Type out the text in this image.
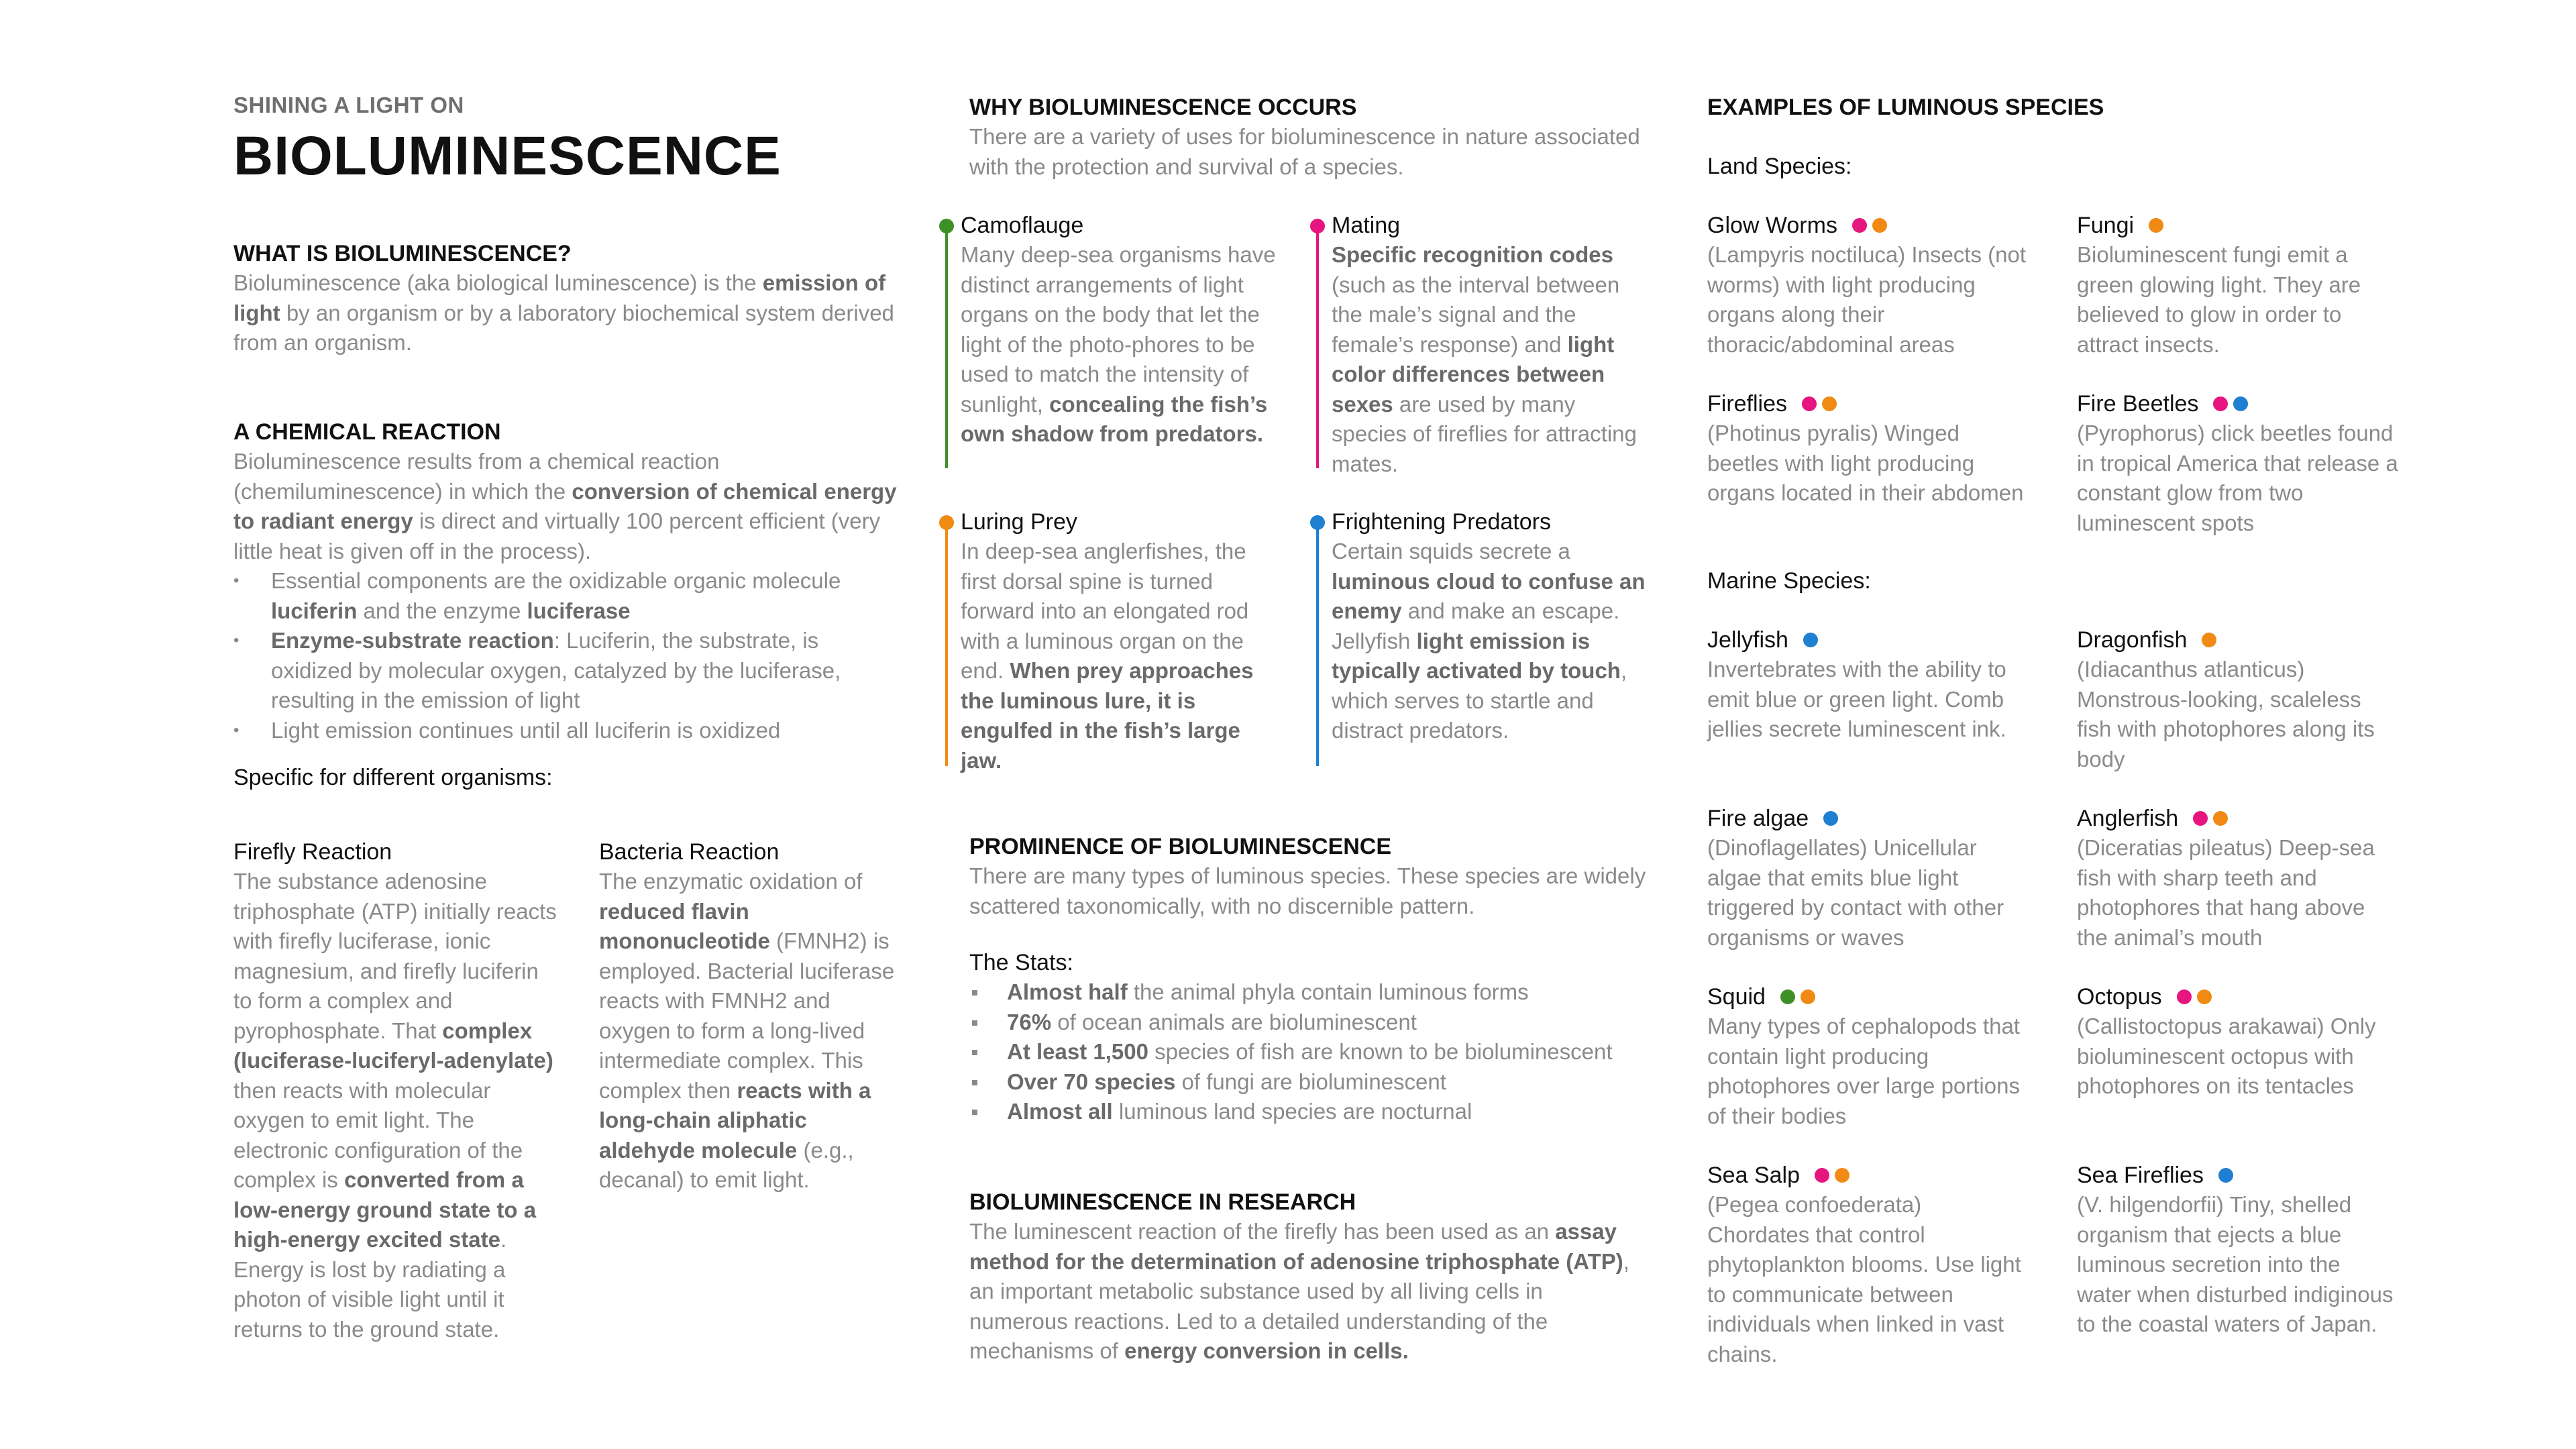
SHINING A LIGHT ON
BIOLUMINESCENCE
WHAT IS BIOLUMINESCENCE?

Bioluminescence (aka biological luminescence) is the emission of light by an organism or by a laboratory biochemical system derived from an organism.

A CHEMICAL REACTION

Bioluminescence results from a chemical reaction (chemiluminescence) in which the conversion of chemical energy to radiant energy is direct and virtually 100 percent efficient (very little heat is given off in the process).

• Essential components are the oxidizable organic molecule luciferin and the enzyme luciferase
• Enzyme-substrate reaction: Luciferin, the substrate, is oxidized by molecular oxygen, catalyzed by the luciferase, resulting in the emission of light
• Light emission continues until all luciferin is oxidized
Specific for different organisms:
Firefly Reaction

The substance adenosine triphosphate (ATP) initially reacts with firefly luciferase, ionic magnesium, and firefly luciferin to form a complex and pyrophosphate. That complex (luciferase-luciferyl-adenylate) then reacts with molecular oxygen to emit light. The electronic configuration of the complex is converted from a low-energy ground state to a high-energy excited state. Energy is lost by radiating a photon of visible light until it returns to the ground state.

Bacteria Reaction

The enzymatic oxidation of reduced flavin mononucleotide (FMNH2) is employed. Bacterial luciferase reacts with FMNH2 and oxygen to form a long-lived intermediate complex. This complex then reacts with a long-chain aliphatic aldehyde molecule (e.g., decanal) to emit light.

WHY BIOLUMINESCENCE OCCURS

There are a variety of uses for bioluminescence in nature associated with the protection and survival of a species.

Camoflauge

Many deep-sea organisms have distinct arrangements of light organs on the body that let the light of the photo-phores to be used to match the intensity of sunlight, concealing the fish’s own shadow from predators.

Mating

Specific recognition codes (such as the interval between the male’s signal and the female’s response) and light color differences between sexes are used by many species of fireflies for attracting mates.

Luring Prey

In deep-sea anglerfishes, the first dorsal spine is turned forward into an elongated rod with a luminous organ on the end. When prey approaches the luminous lure, it is engulfed in the fish’s large jaw.

Frightening Predators

Certain squids secrete a luminous cloud to confuse an enemy and make an escape. Jellyfish light emission is typically activated by touch, which serves to startle and distract predators.

PROMINENCE OF BIOLUMINESCENCE

There are many types of luminous species. These species are widely scattered taxonomically, with no discernible pattern.

The Stats:
Almost half the animal phyla contain luminous forms
76% of ocean animals are bioluminescent
At least 1,500 species of fish are known to be bioluminescent
Over 70 species of fungi are bioluminescent
Almost all luminous land species are nocturnal
BIOLUMINESCENCE IN RESEARCH

The luminescent reaction of the firefly has been used as an assay method for the determination of adenosine triphosphate (ATP), an important metabolic substance used by all living cells in numerous reactions. Led to a detailed understanding of the mechanisms of energy conversion in cells.

EXAMPLES OF LUMINOUS SPECIES
Land Species:
Marine Species:
Glow Worms

(Lampyris noctiluca) Insects (not worms) with light producing organs along their thoracic/abdominal areas

Fungi

Bioluminescent fungi emit a green glowing light. They are believed to glow in order to attract insects.

Fireflies

(Photinus pyralis) Winged beetles with light producing organs located in their abdomen

Fire Beetles

(Pyrophorus) click beetles found in tropical America that release a constant glow from two luminescent spots

Jellyfish

Invertebrates with the ability to emit blue or green light. Comb jellies secrete luminescent ink.

Dragonfish

(Idiacanthus atlanticus) Monstrous-looking, scaleless fish with photophores along its body

Fire algae

(Dinoflagellates) Unicellular algae that emits blue light triggered by contact with other organisms or waves

Anglerfish

(Diceratias pileatus) Deep-sea fish with sharp teeth and photophores that hang above the animal’s mouth

Squid

Many types of cephalopods that contain light producing photophores over large portions of their bodies

Octopus

(Callistoctopus arakawai) Only bioluminescent octopus with photophores on its tentacles

Sea Salp

(Pegea confoederata) Chordates that control phytoplankton blooms. Use light to communicate between individuals when linked in vast chains.

Sea Fireflies

(V. hilgendorfii) Tiny, shelled organism that ejects a blue luminous secretion into the water when disturbed indiginous to the coastal waters of Japan.
